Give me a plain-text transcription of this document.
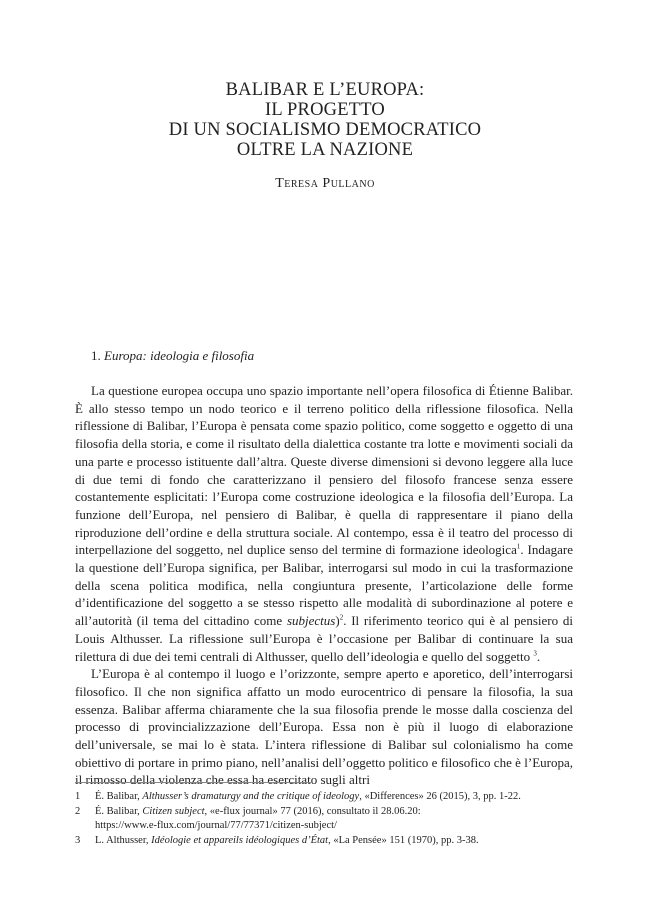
BALIBAR E L’EUROPA:
IL PROGETTO
DI UN SOCIALISMO DEMOCRATICO
OLTRE LA NAZIONE
Teresa Pullano
1. Europa: ideologia e filosofia

La questione europea occupa uno spazio importante nell’opera filosofica di Étienne Balibar. È allo stesso tempo un nodo teorico e il terreno politico della riflessione filosofica. Nella riflessione di Balibar, l’Europa è pensata come spazio politico, come soggetto e oggetto di una filosofia della storia, e come il risultato della dialettica costante tra lotte e movimenti sociali da una parte e processo istituente dall’altra. Queste diverse dimensioni si devono leggere alla luce di due temi di fondo che caratterizzano il pensiero del filosofo francese senza essere costantemente esplicitati: l’Europa come costruzione ideologica e la filosofia dell’Europa. La funzione dell’Europa, nel pensiero di Balibar, è quella di rappresentare il piano della riproduzione dell’ordine e della struttura sociale. Al contempo, essa è il teatro del processo di interpellazione del soggetto, nel duplice senso del termine di formazione ideologica$^1$. Indagare la questione dell’Europa significa, per Balibar, interrogarsi sul modo in cui la trasformazione della scena politica modifica, nella congiuntura presente, l’articolazione delle forme d’identificazione del soggetto a se stesso rispetto alle modalità di subordinazione al potere e all’autorità (il tema del cittadino come subjectus)$^2$. Il riferimento teorico qui è al pensiero di Louis Althusser. La riflessione sull’Europa è l’occasione per Balibar di continuare la sua rilettura di due dei temi centrali di Althusser, quello dell’ideologia e quello del soggetto $^3$.

L’Europa è al contempo il luogo e l’orizzonte, sempre aperto e aporetico, dell’interrogarsi filosofico. Il che non significa affatto un modo eurocentrico di pensare la filosofia, la sua essenza. Balibar afferma chiaramente che la sua filosofia prende le mosse dalla coscienza del processo di provincializzazione dell’Europa. Essa non è più il luogo di elaborazione dell’universale, se mai lo è stata. L’intera riflessione di Balibar sul colonialismo ha come obiettivo di portare in primo piano, nell’analisi dell’oggetto politico e filosofico che è l’Europa, il rimosso della violenza che essa ha esercitato sugli altri

1	É. Balibar, Althusser’s dramaturgy and the critique of ideology, «Differences» 26 (2015), 3, pp. 1-22.
2	É. Balibar, Citizen subject, «e-flux journal» 77 (2016), consultato il 28.06.20:
https://www.e-flux.com/journal/77/77371/citizen-subject/
3	L. Althusser, Idéologie et appareils idéologiques d’État, «La Pensée» 151 (1970), pp. 3-38.
